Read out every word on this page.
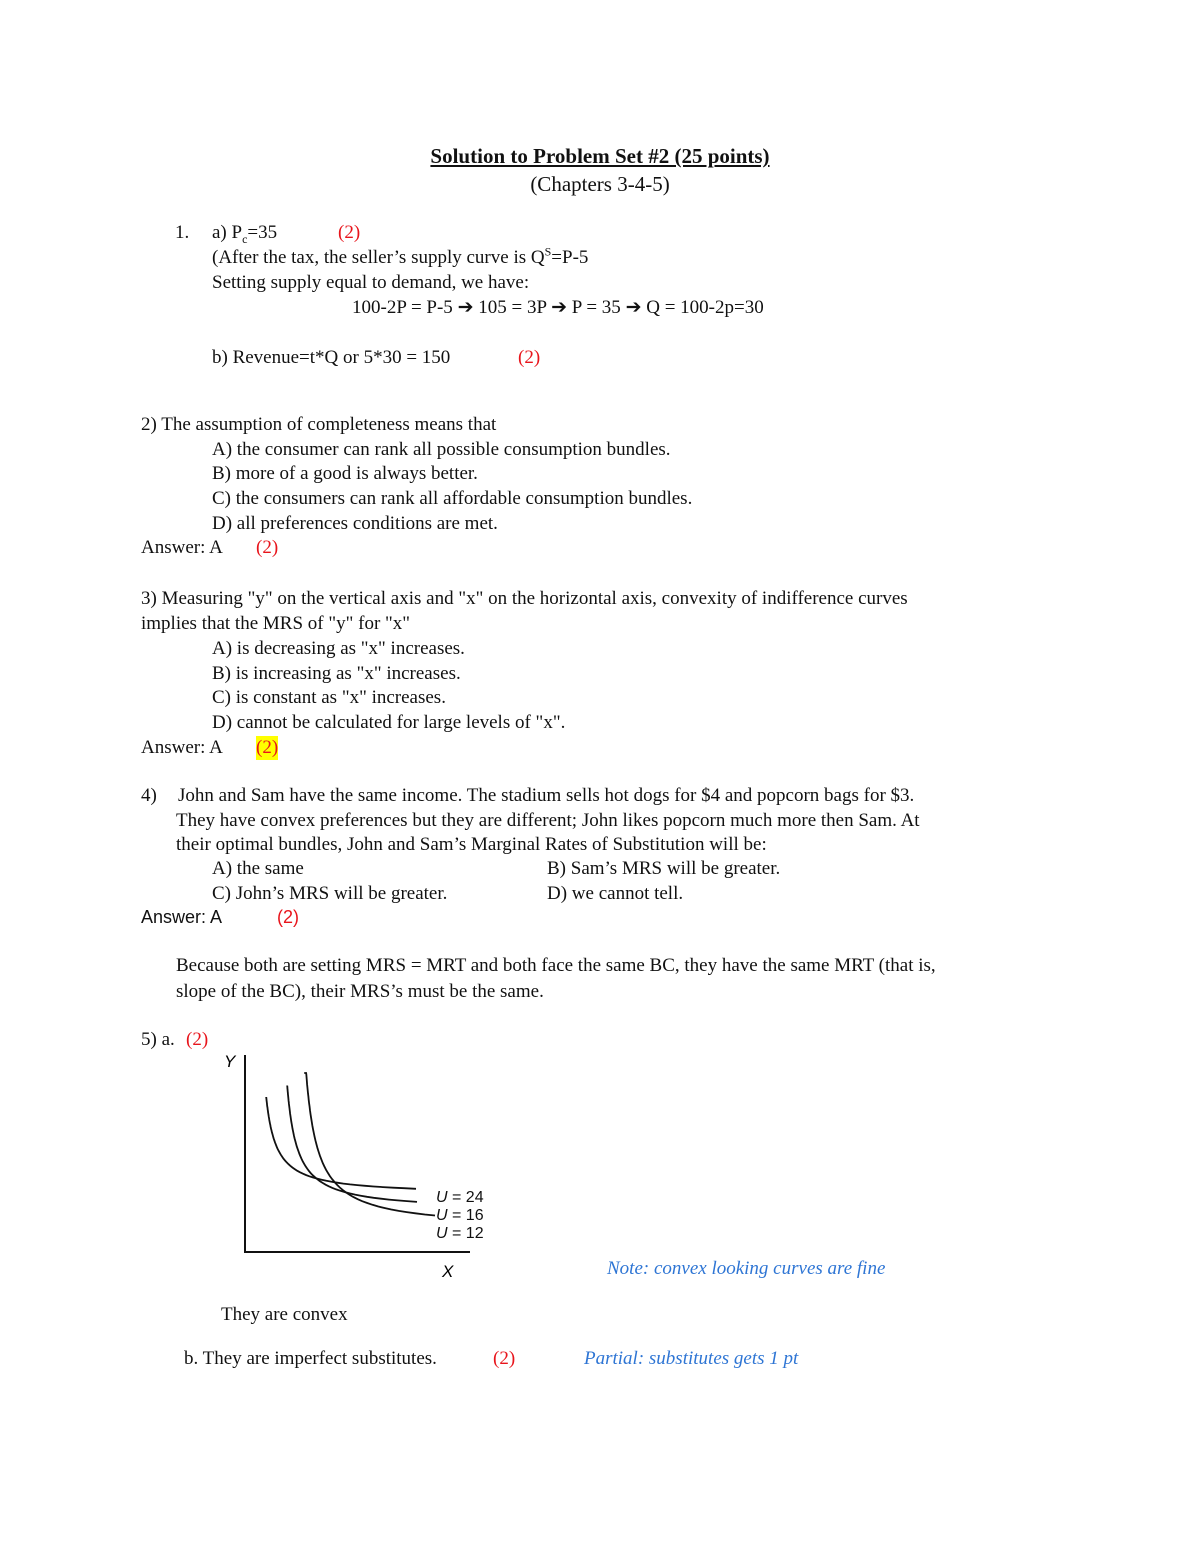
Solution to Problem Set #2 (25 points)
(Chapters 3-4-5)
1. a) $P_c=35$	(2)
(After the tax, the seller’s supply curve is $Q^S=P-5$
Setting supply equal to demand, we have:
100-2P = P-5 ➔ 105 = 3P ➔ P = 35 ➔ Q = 100-2p=30
b) Revenue=t*Q or 5*30 = 150	(2)
2) The assumption of completeness means that
A) the consumer can rank all possible consumption bundles.
B) more of a good is always better.
C) the consumers can rank all affordable consumption bundles.
D) all preferences conditions are met.
Answer: A (2)
3) Measuring "y" on the vertical axis and "x" on the horizontal axis, convexity of indifference curves
implies that the MRS of "y" for "x"
A) is decreasing as "x" increases.
B) is increasing as "x" increases.
C) is constant as "x" increases.
D) cannot be calculated for large levels of "x".
Answer: A (2)
4) John and Sam have the same income. The stadium sells hot dogs for $4 and popcorn bags for $3.
They have convex preferences but they are different; John likes popcorn much more then Sam. At
their optimal bundles, John and Sam’s Marginal Rates of Substitution will be:
A) the same	B) Sam’s MRS will be greater.
C) John’s MRS will be greater.	D) we cannot tell.
Answer: A	(2)
Because both are setting MRS = MRT and both face the same BC, they have the same MRT (that is,
slope of the BC), their MRS’s must be the same.
5) a. (2)
Y
X
U = 24
U = 16
U = 12
Note: convex looking curves are fine
They are convex
b. They are imperfect substitutes.	(2)	Partial: substitutes gets 1 pt
